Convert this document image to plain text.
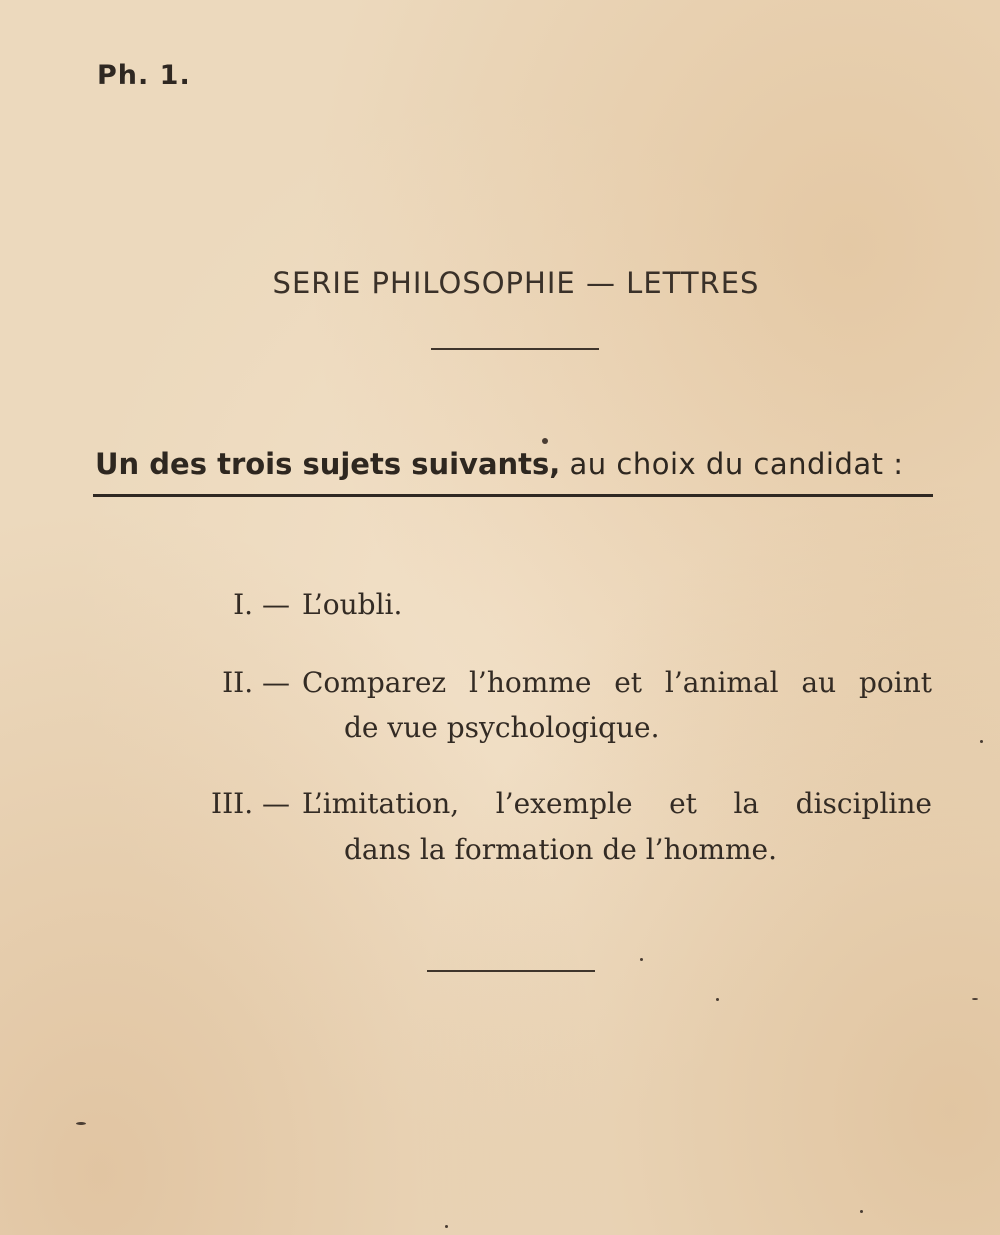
Ph. 1.
SERIE PHILOSOPHIE — LETTRES
Un des trois sujets suivants, au choix du candidat :
I. — L’oubli.
II. — Comparez l’homme et l’animal au point
de vue psychologique.
III. — L’imitation, l’exemple et la discipline
dans la formation de l’homme.
